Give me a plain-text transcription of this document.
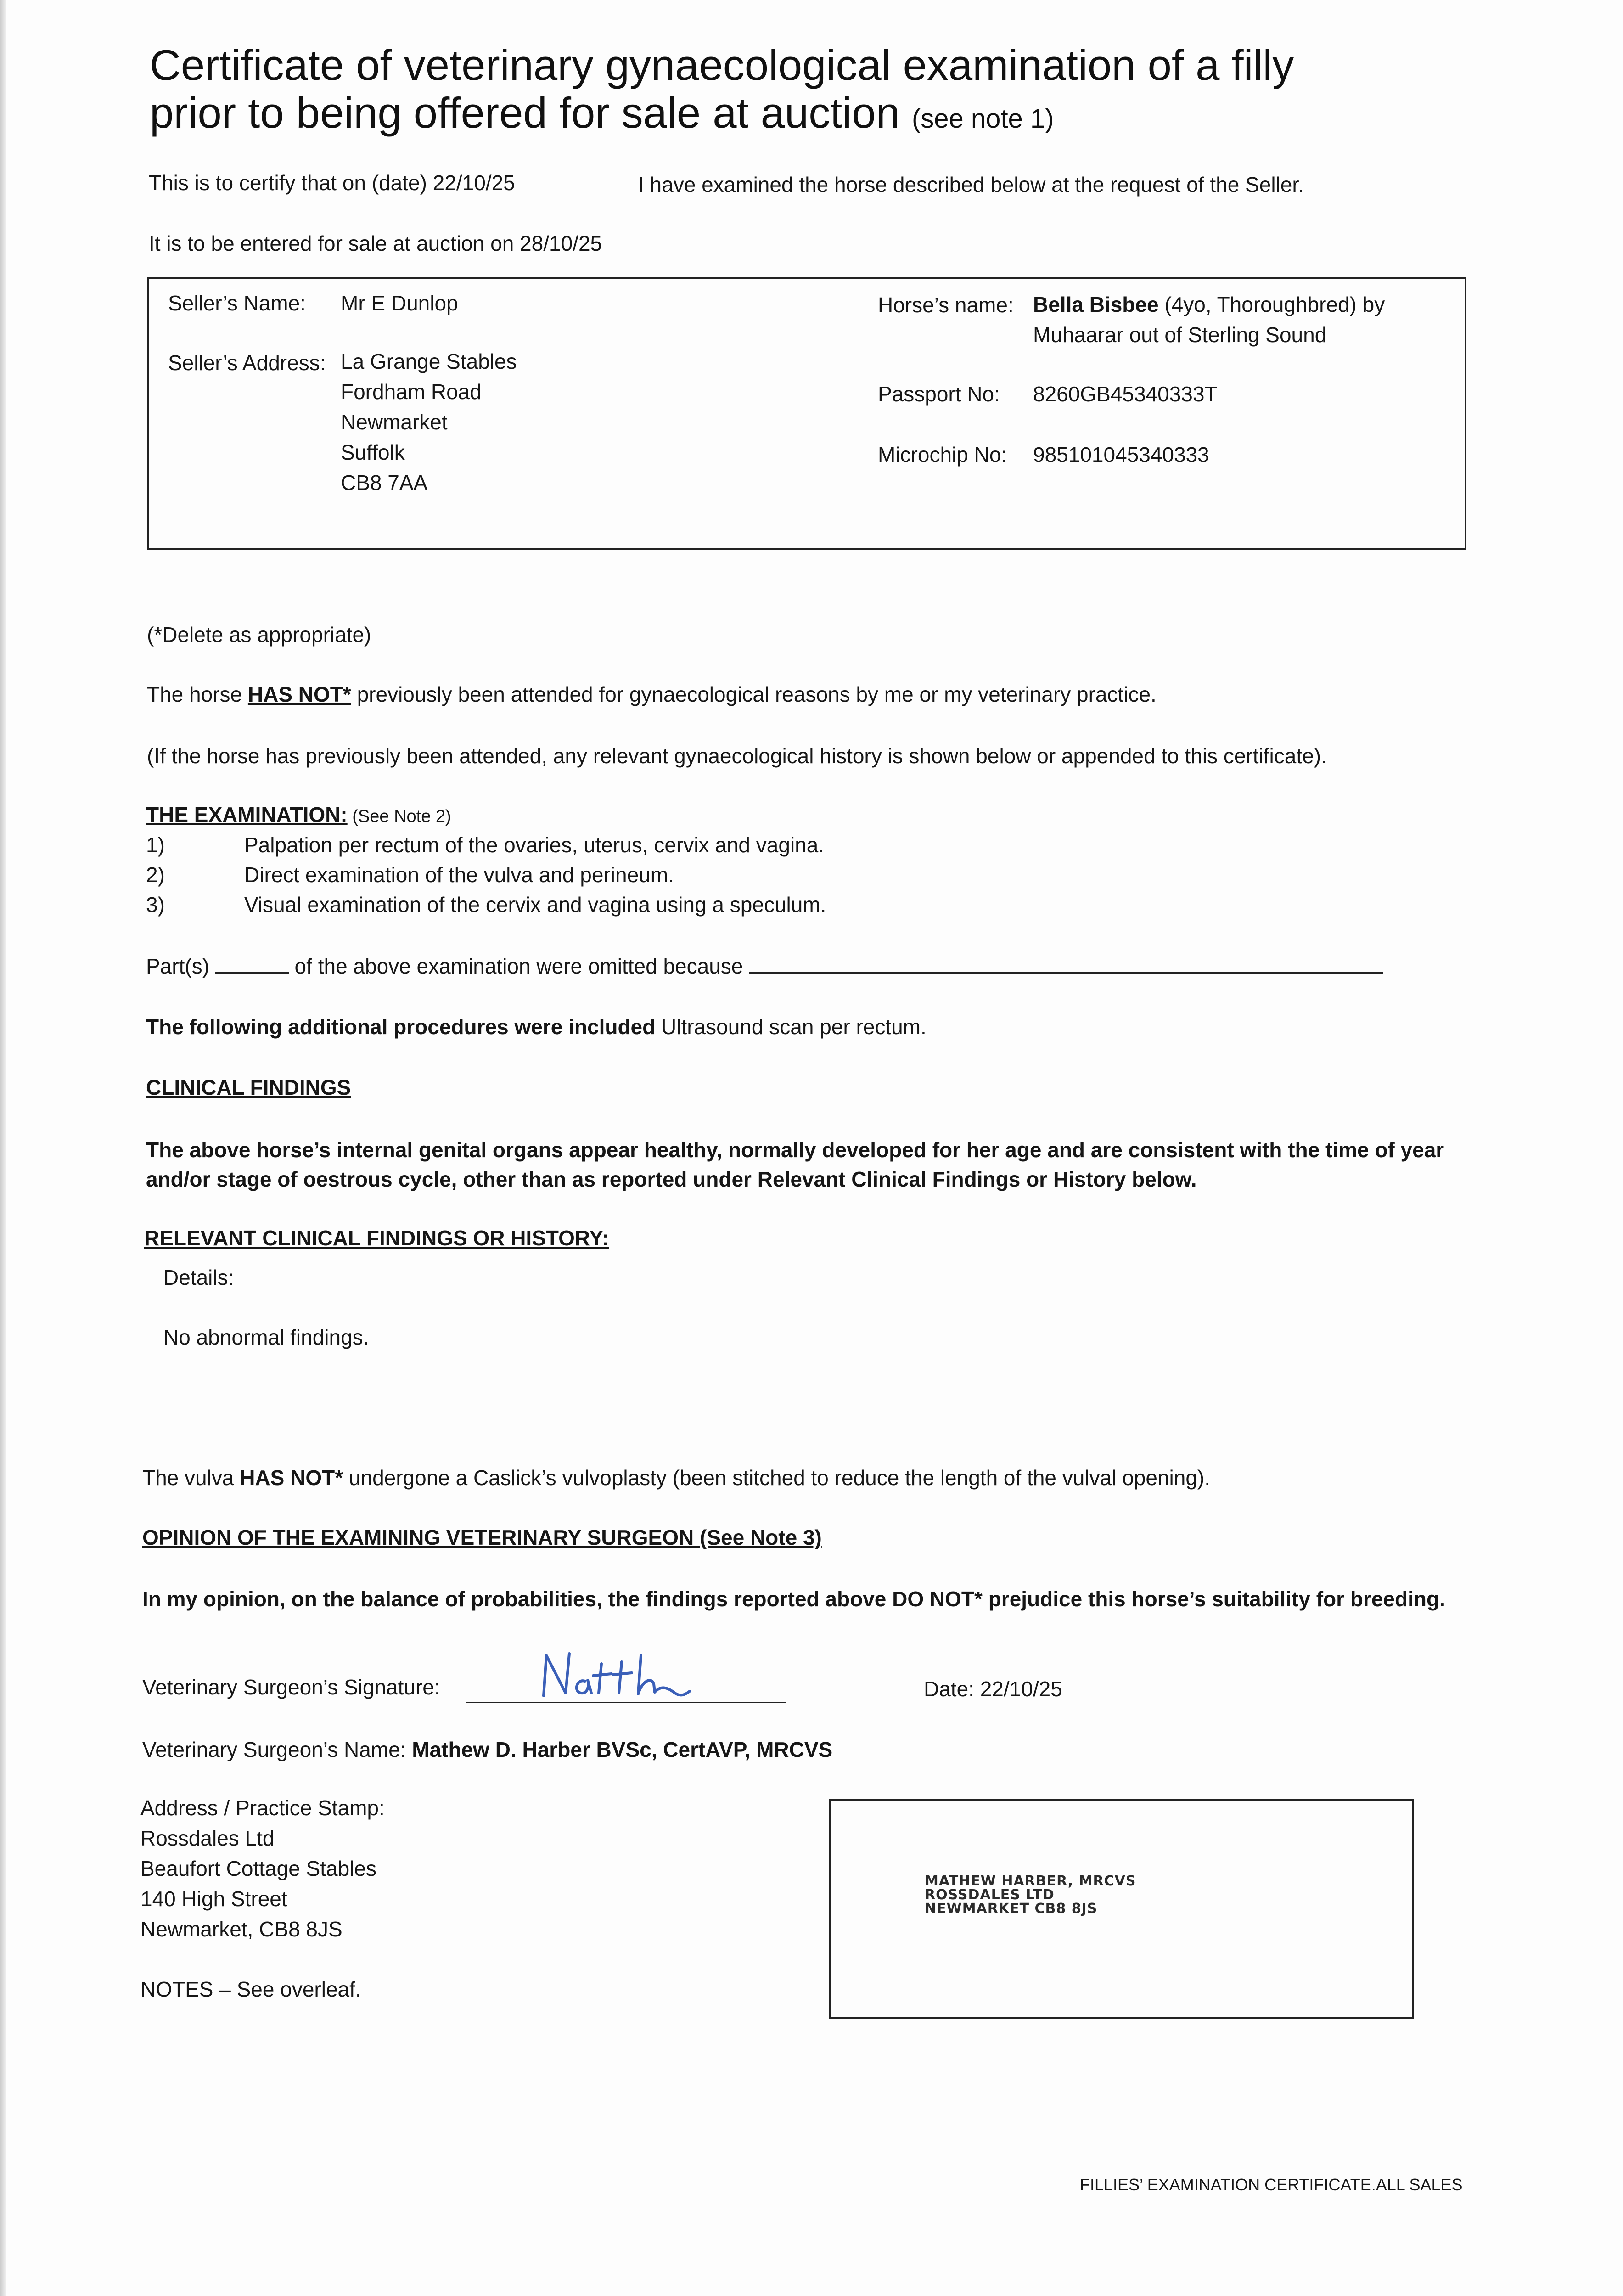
Certificate of veterinary gynaecological examination of a filly
prior to being offered for sale at auction (see note 1)
This is to certify that on (date) 22/10/25	I have examined the horse described below at the request of the Seller.
It is to be entered for sale at auction on 28/10/25
Seller’s Name: Mr E Dunlop
Seller’s Address: La Grange Stables
Fordham Road
Newmarket
Suffolk
CB8 7AA
Horse’s name: Bella Bisbee (4yo, Thoroughbred) by
Muhaarar out of Sterling Sound
Passport No: 8260GB45340333T
Microchip No: 985101045340333
(*Delete as appropriate)
The horse HAS NOT* previously been attended for gynaecological reasons by me or my veterinary practice.
(If the horse has previously been attended, any relevant gynaecological history is shown below or appended to this certificate).
THE EXAMINATION: (See Note 2)
1)	Palpation per rectum of the ovaries, uterus, cervix and vagina.
2)	Direct examination of the vulva and perineum.
3)	Visual examination of the cervix and vagina using a speculum.
Part(s)	of the above examination were omitted because
The following additional procedures were included Ultrasound scan per rectum.
CLINICAL FINDINGS
The above horse’s internal genital organs appear healthy, normally developed for her age and are consistent with the time of year
and/or stage of oestrous cycle, other than as reported under Relevant Clinical Findings or History below.
RELEVANT CLINICAL FINDINGS OR HISTORY:
Details:
No abnormal findings.
The vulva HAS NOT* undergone a Caslick’s vulvoplasty (been stitched to reduce the length of the vulval opening).
OPINION OF THE EXAMINING VETERINARY SURGEON (See Note 3)
In my opinion, on the balance of probabilities, the findings reported above DO NOT* prejudice this horse’s suitability for breeding.
Veterinary Surgeon’s Signature:	Date: 22/10/25
Veterinary Surgeon’s Name: Mathew D. Harber BVSc, CertAVP, MRCVS
Address / Practice Stamp:
Rossdales Ltd
Beaufort Cottage Stables
140 High Street
Newmarket, CB8 8JS
NOTES – See overleaf.
MATHEW HARBER, MRCVS
ROSSDALES LTD
NEWMARKET CB8 8JS
FILLIES’ EXAMINATION CERTIFICATE.ALL SALES
